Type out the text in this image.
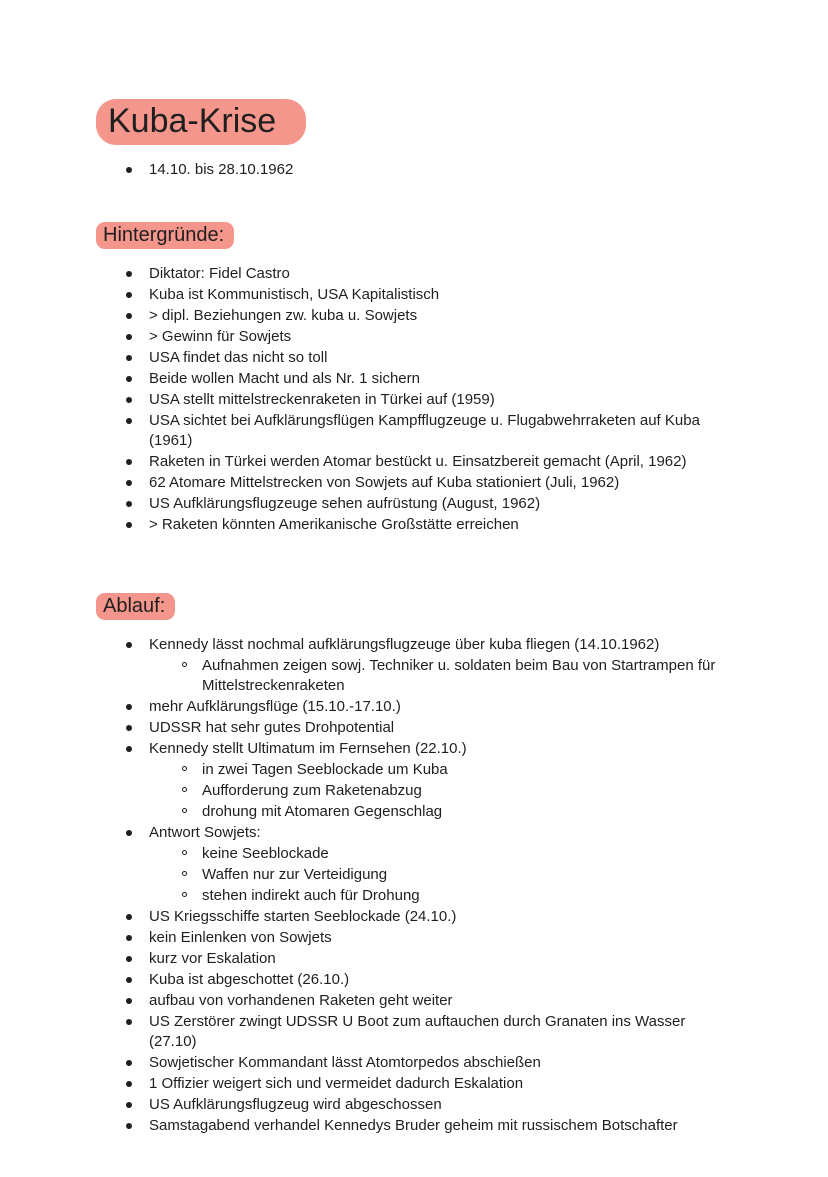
Kuba-Krise
14.10. bis 28.10.1962
Hintergründe:
Diktator: Fidel Castro
Kuba ist Kommunistisch, USA Kapitalistisch
> dipl. Beziehungen zw. kuba u. Sowjets
> Gewinn für Sowjets
USA findet das nicht so toll
Beide wollen Macht und als Nr. 1 sichern
USA stellt mittelstreckenraketen in Türkei auf (1959)
USA sichtet bei Aufklärungsflügen Kampfflugzeuge u. Flugabwehrraketen auf Kuba (1961)
Raketen in Türkei werden Atomar bestückt u. Einsatzbereit gemacht (April, 1962)
62 Atomare Mittelstrecken von Sowjets auf Kuba stationiert (Juli, 1962)
US Aufklärungsflugzeuge sehen aufrüstung (August, 1962)
> Raketen könnten Amerikanische Großstätte erreichen
Ablauf:
Kennedy lässt nochmal aufklärungsflugzeuge über kuba fliegen (14.10.1962)
Aufnahmen zeigen sowj. Techniker u. soldaten beim Bau von Startrampen für Mittelstreckenraketen
mehr Aufklärungsflüge (15.10.-17.10.)
UDSSR hat sehr gutes Drohpotential
Kennedy stellt Ultimatum im Fernsehen (22.10.)
in zwei Tagen Seeblockade um Kuba
Aufforderung zum Raketenabzug
drohung mit Atomaren Gegenschlag
Antwort Sowjets:
keine Seeblockade
Waffen nur zur Verteidigung
stehen indirekt auch für Drohung
US Kriegsschiffe starten Seeblockade (24.10.)
kein Einlenken von Sowjets
kurz vor Eskalation
Kuba ist abgeschottet (26.10.)
aufbau von vorhandenen Raketen geht weiter
US Zerstörer zwingt UDSSR U Boot zum auftauchen durch Granaten ins Wasser (27.10)
Sowjetischer Kommandant lässt Atomtorpedos abschießen
1 Offizier weigert sich und vermeidet dadurch Eskalation
US Aufklärungsflugzeug wird abgeschossen
Samstagabend verhandel Kennedys Bruder geheim mit russischem Botschafter
